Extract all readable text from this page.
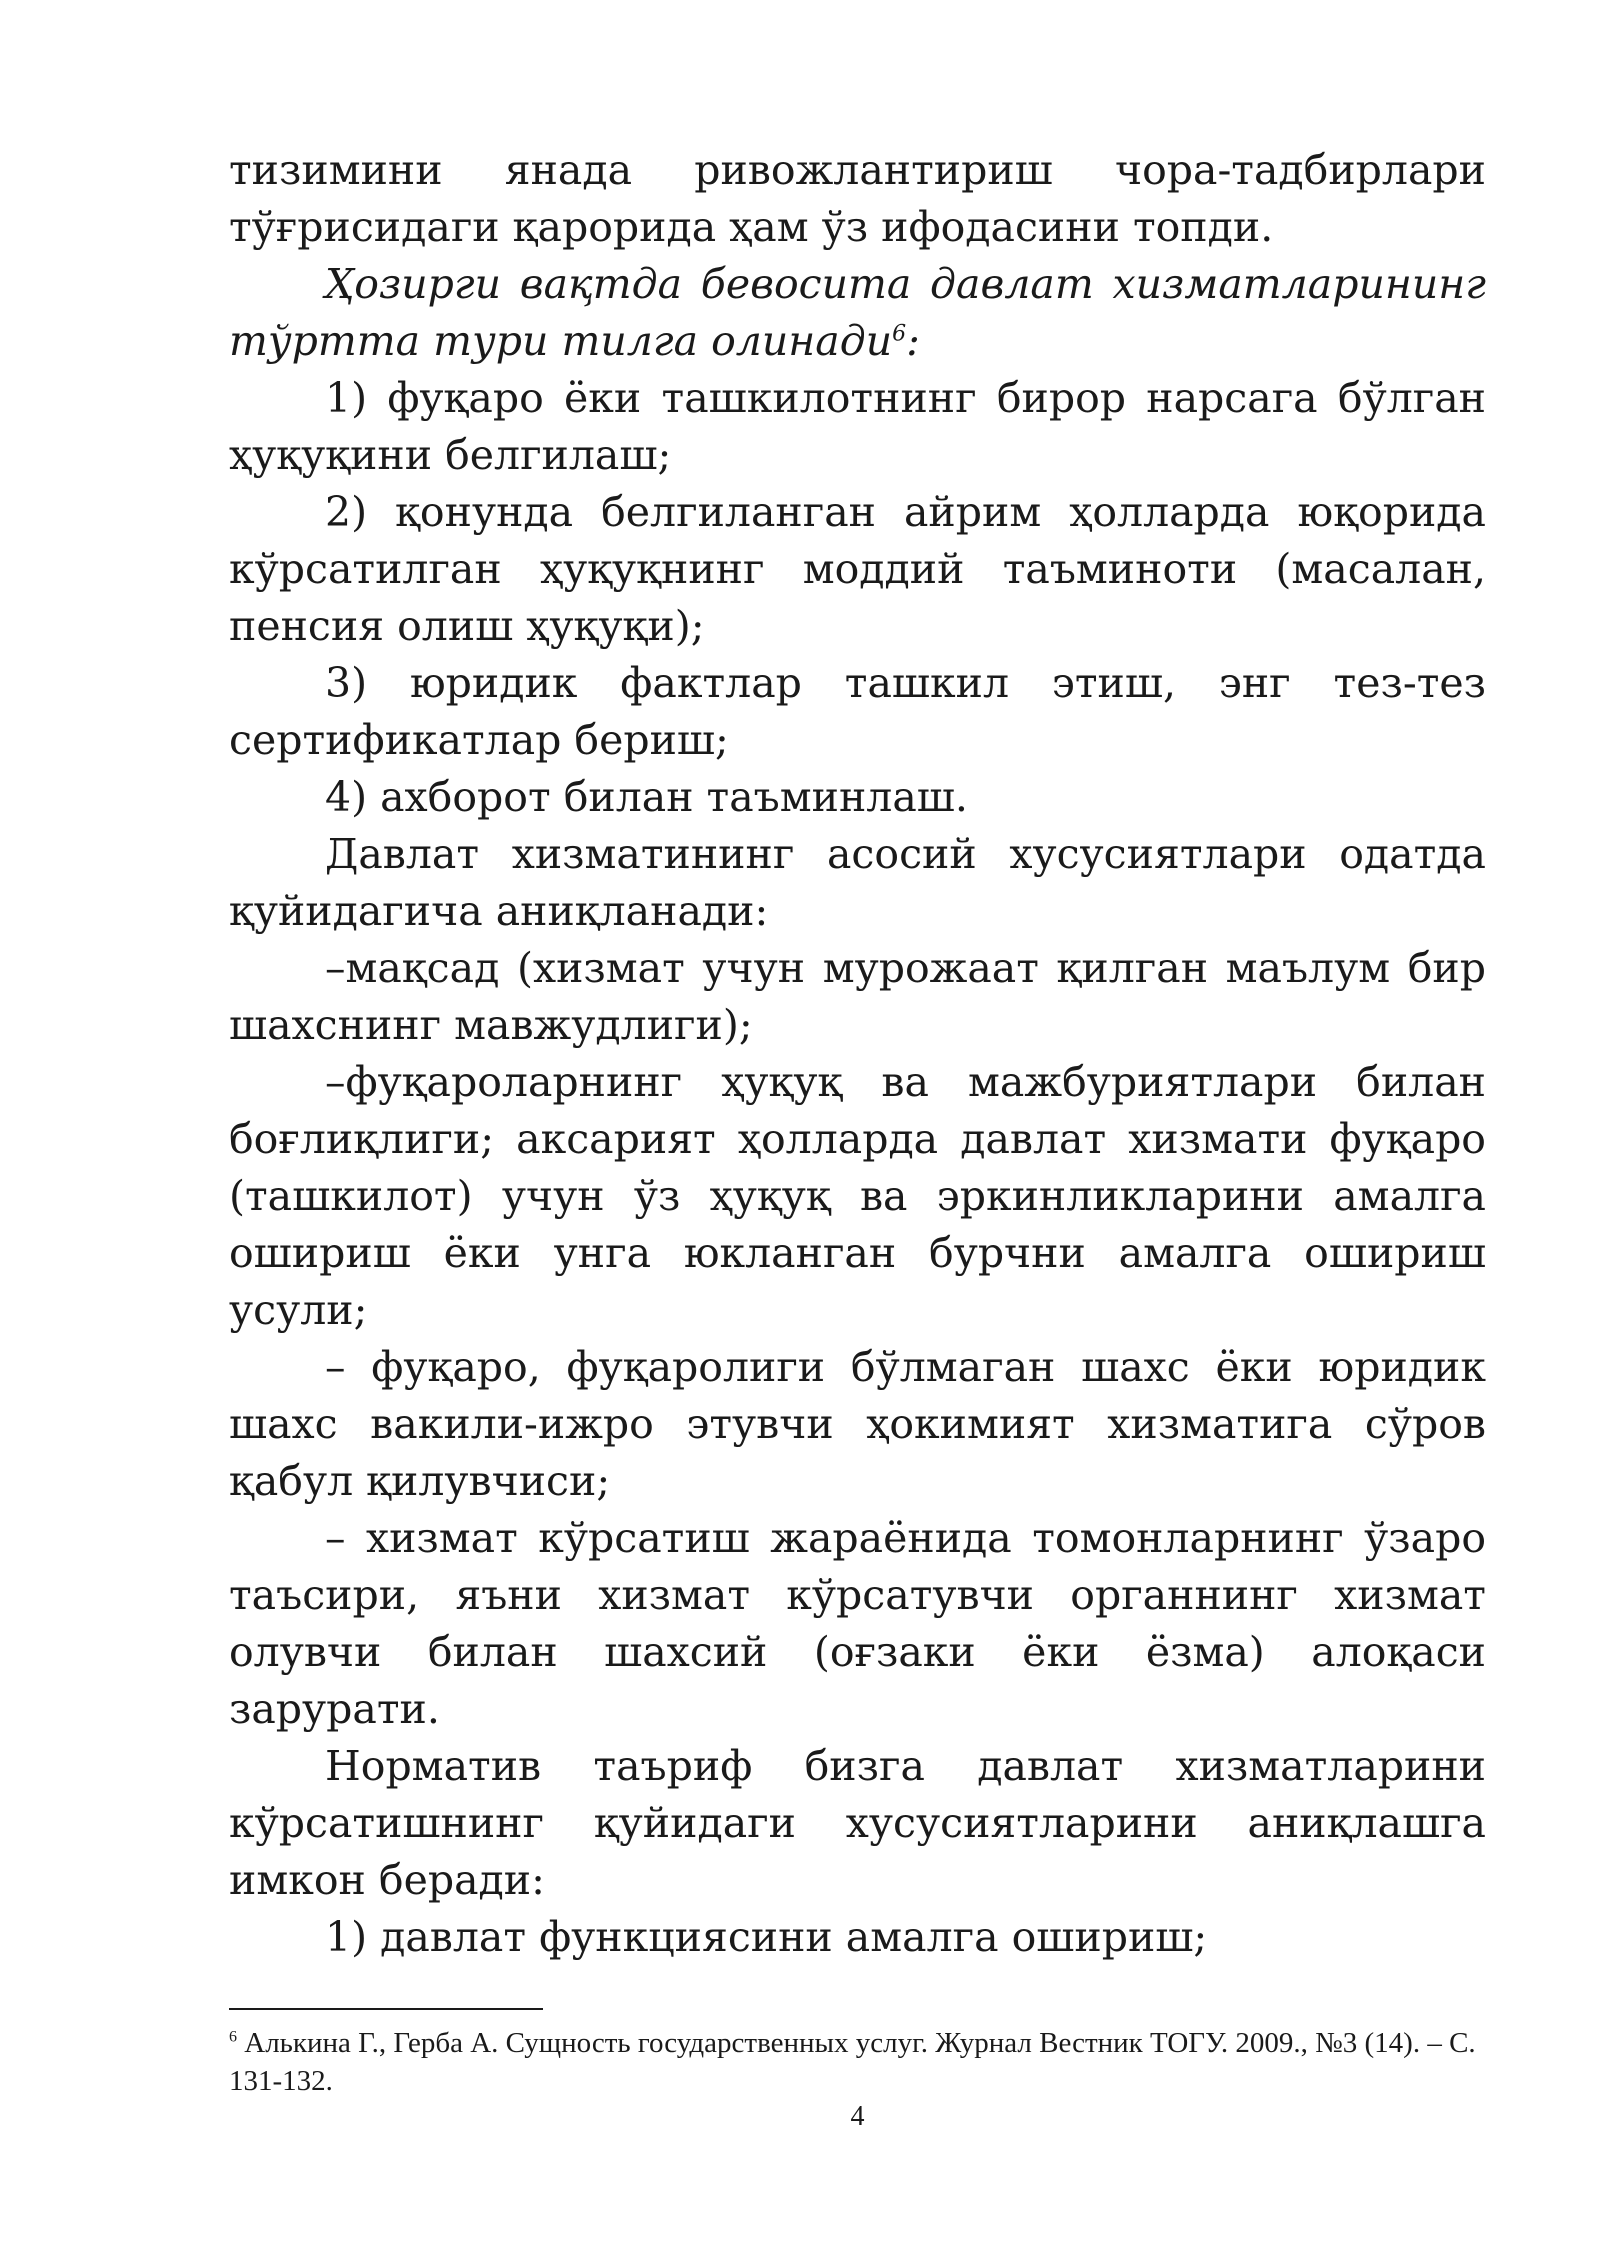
тизимини янада ривожлантириш чора-тадбирлари тўғрисидаги қарорида ҳам ўз ифодасини топди.

Ҳозирги вақтда бевосита давлат хизматларининг тўртта тури тилга олинади$^6$:

1) фуқаро ёки ташкилотнинг бирор нарсага бўлган ҳуқуқини белгилаш;

2) қонунда белгиланган айрим ҳолларда юқорида кўрсатилган ҳуқуқнинг моддий таъминоти (масалан, пенсия олиш ҳуқуқи);

3) юридик фактлар ташкил этиш, энг тез-тез сертификатлар бериш;

4) ахборот билан таъминлаш.

Давлат хизматининг асосий хусусиятлари одатда қуйидагича аниқланади:

–мақсад (хизмат учун мурожаат қилган маълум бир шахснинг мавжудлиги);

–фуқароларнинг ҳуқуқ ва мажбуриятлари билан боғлиқлиги; аксарият ҳолларда давлат хизмати фуқаро (ташкилот) учун ўз ҳуқуқ ва эркинликларини амалга ошириш ёки унга юкланган бурчни амалга ошириш усули;

– фуқаро, фуқаролиги бўлмаган шахс ёки юридик шахс вакили-ижро этувчи ҳокимият хизматига сўров қабул қилувчиси;

– хизмат кўрсатиш жараёнида томонларнинг ўзаро таъсири, яъни хизмат кўрсатувчи органнинг хизмат олувчи билан шахсий (оғзаки ёки ёзма) алоқаси зарурати.

Норматив таъриф бизга давлат хизматларини кўрсатишнинг қуйидаги хусусиятларини аниқлашга имкон беради:

1) давлат функциясини амалга ошириш;

$^6$ Алькина Г., Герба А. Сущность государственных услуг. Журнал Вестник ТОГУ. 2009., №3 (14). – С. 131-132.
4
